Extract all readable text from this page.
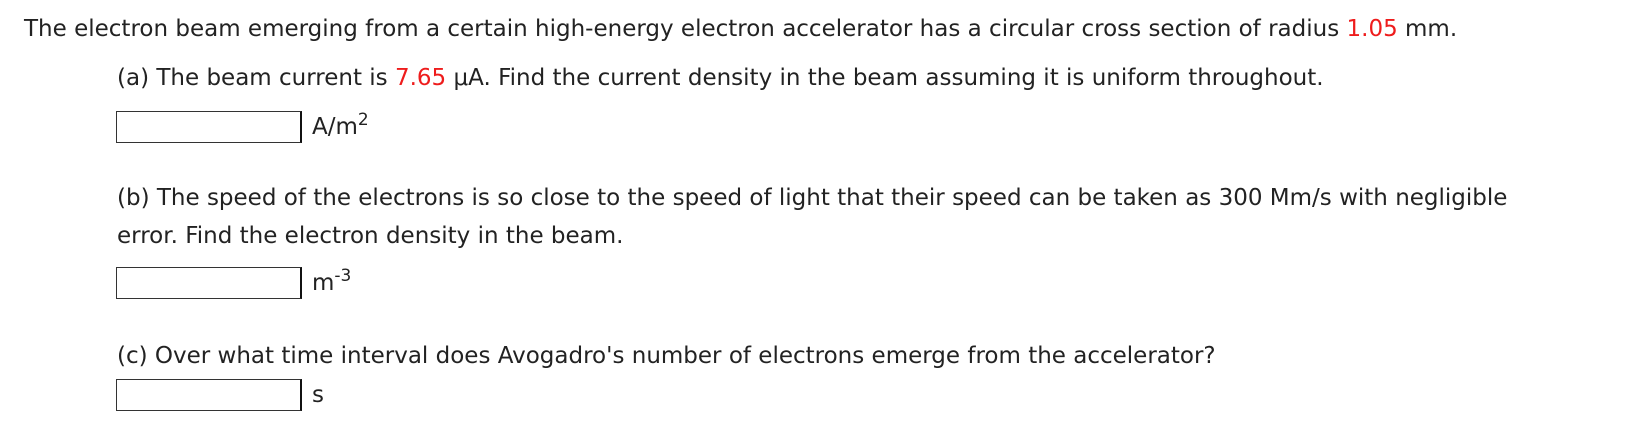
The electron beam emerging from a certain high-energy electron accelerator has a circular cross section of radius 1.05 mm.
(a) The beam current is 7.65 μA. Find the current density in the beam assuming it is uniform throughout.
$A/m^2$
(b) The speed of the electrons is so close to the speed of light that their speed can be taken as 300 Mm/s with negligible
error. Find the electron density in the beam.
$m^{-3}$
(c) Over what time interval does Avogadro's number of electrons emerge from the accelerator?
s
